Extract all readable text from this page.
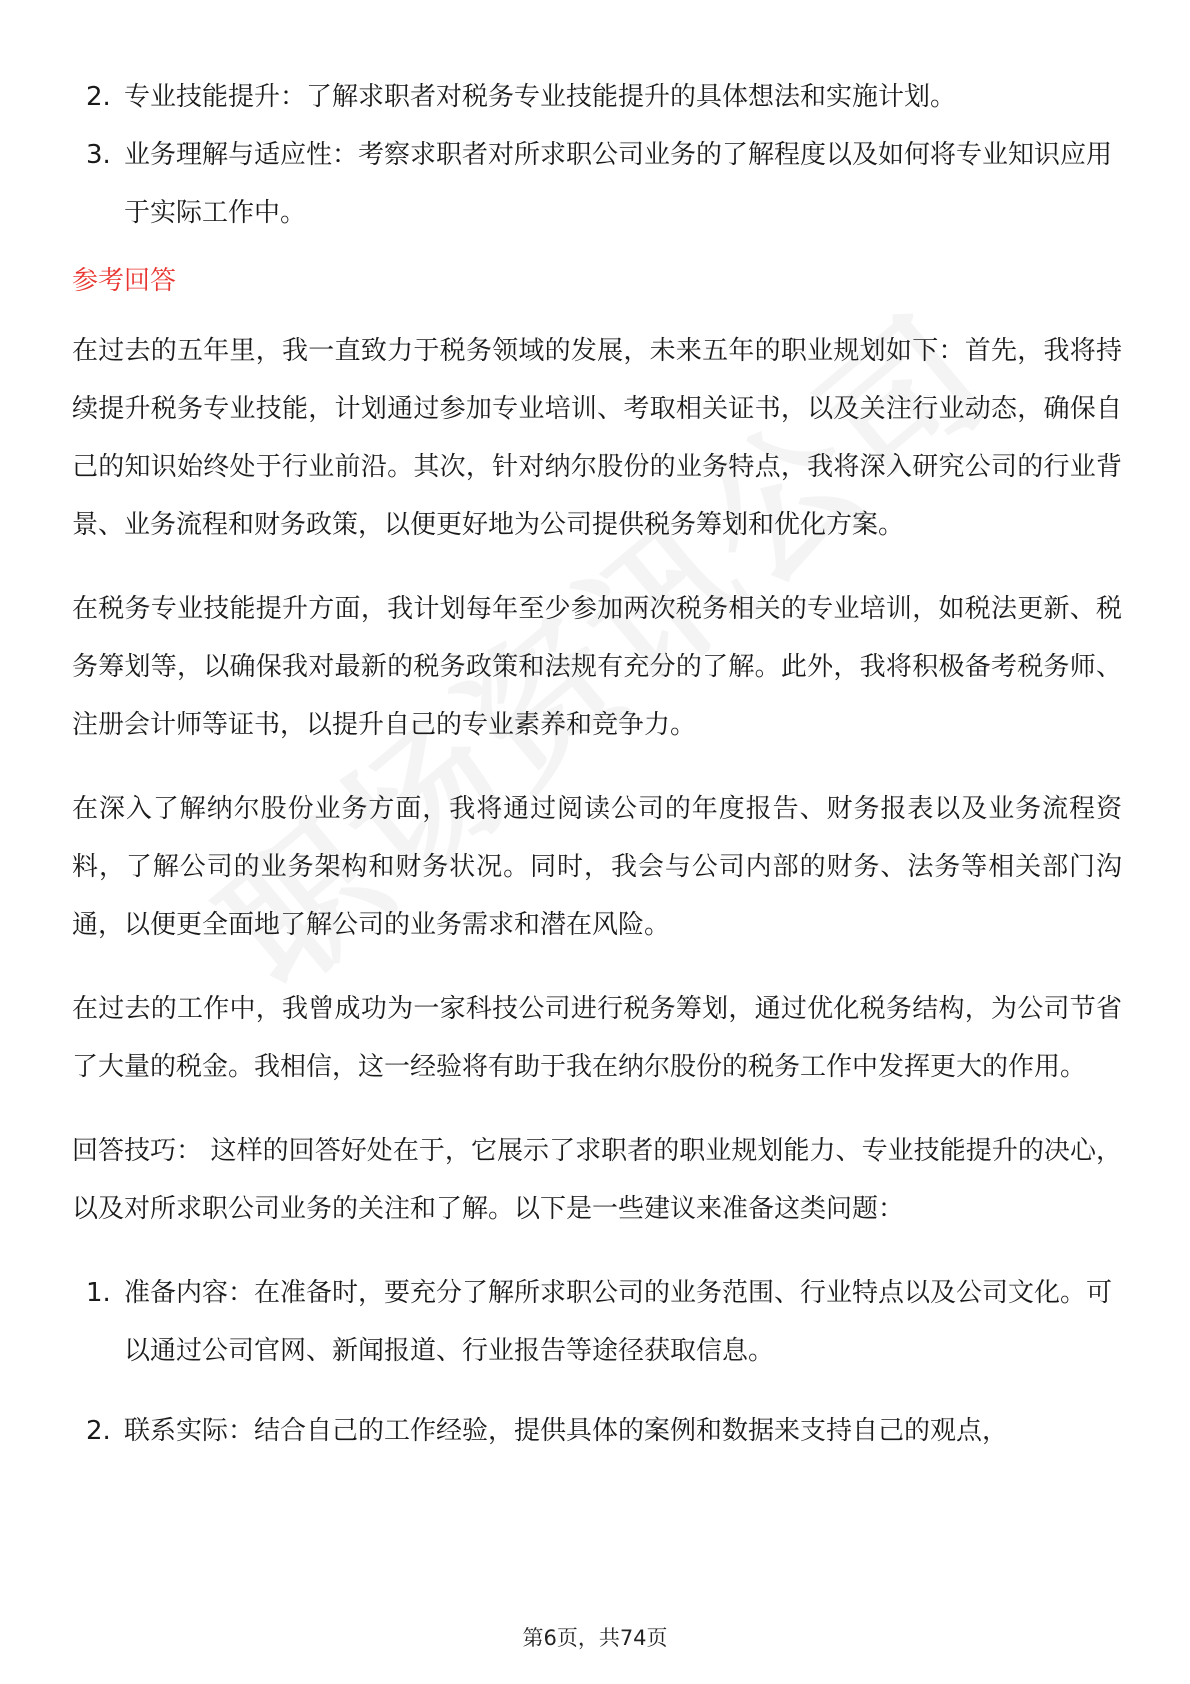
2. 专业技能提升：了解求职者对税务专业技能提升的具体想法和实施计划。
3. 业务理解与适应性：考察求职者对所求职公司业务的了解程度以及如何将专业知识应用于实际工作中。
参考回答

在过去的五年里，我一直致力于税务领域的发展，未来五年的职业规划如下：首先，我将持续提升税务专业技能，计划通过参加专业培训、考取相关证书，以及关注行业动态，确保自己的知识始终处于行业前沿。其次，针对纳尔股份的业务特点，我将深入研究公司的行业背景、业务流程和财务政策，以便更好地为公司提供税务筹划和优化方案。

在税务专业技能提升方面，我计划每年至少参加两次税务相关的专业培训，如税法更新、税务筹划等，以确保我对最新的税务政策和法规有充分的了解。此外，我将积极备考税务师、注册会计师等证书，以提升自己的专业素养和竞争力。

在深入了解纳尔股份业务方面，我将通过阅读公司的年度报告、财务报表以及业务流程资料，了解公司的业务架构和财务状况。同时，我会与公司内部的财务、法务等相关部门沟通，以便更全面地了解公司的业务需求和潜在风险。

在过去的工作中，我曾成功为一家科技公司进行税务筹划，通过优化税务结构，为公司节省了大量的税金。我相信，这一经验将有助于我在纳尔股份的税务工作中发挥更大的作用。

回答技巧： 这样的回答好处在于，它展示了求职者的职业规划能力、专业技能提升的决心，以及对所求职公司业务的关注和了解。以下是一些建议来准备这类问题：

1. 准备内容：在准备时，要充分了解所求职公司的业务范围、行业特点以及公司文化。可以通过公司官网、新闻报道、行业报告等途径获取信息。
2. 联系实际：结合自己的工作经验，提供具体的案例和数据来支持自己的观点，
第6页，共74页
